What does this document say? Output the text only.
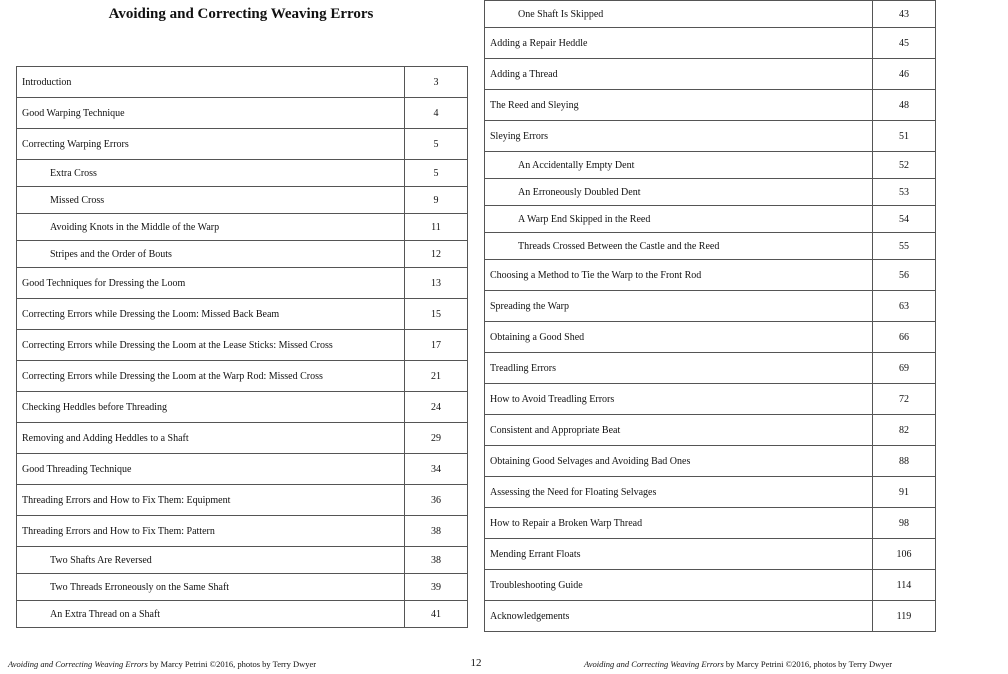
Avoiding and Correcting Weaving Errors
Introduction	3

Good Warping Technique	4

Correcting Warping Errors	5

Extra Cross	5

Missed Cross	9

Avoiding Knots in the Middle of the Warp	11

Stripes and the Order of Bouts	12

Good Techniques for Dressing the Loom	13

Correcting Errors while Dressing the Loom: Missed Back Beam	15

Correcting Errors while Dressing the Loom at the Lease Sticks: Missed Cross	17

Correcting Errors while Dressing the Loom at the Warp Rod: Missed Cross	21

Checking Heddles before Threading	24

Removing and Adding Heddles to a Shaft	29

Good Threading Technique	34

Threading Errors and How to Fix Them: Equipment	36

Threading Errors and How to Fix Them: Pattern	38

Two Shafts Are Reversed	38

Two Threads Erroneously on the Same Shaft	39

An Extra Thread on a Shaft	41
One Shaft Is Skipped	43

Adding a Repair Heddle	45

Adding a Thread	46

The Reed and Sleying	48

Sleying Errors	51

An Accidentally Empty Dent	52

An Erroneously Doubled Dent	53

A Warp End Skipped in the Reed	54

Threads Crossed Between the Castle and the Reed	55

Choosing a Method to Tie the Warp to the Front Rod	56

Spreading the Warp	63

Obtaining a Good Shed	66

Treadling Errors	69

How to Avoid Treadling Errors	72

Consistent and Appropriate Beat	82

Obtaining Good Selvages and Avoiding Bad Ones	88

Assessing the Need for Floating Selvages	91

How to Repair a Broken Warp Thread	98

Mending Errant Floats	106

Troubleshooting Guide	114

Acknowledgements	119
Avoiding and Correcting Weaving Errors by Marcy Petrini ©2016, photos by Terry Dwyer	12	Avoiding and Correcting Weaving Errors by Marcy Petrini ©2016, photos by Terry Dwyer
